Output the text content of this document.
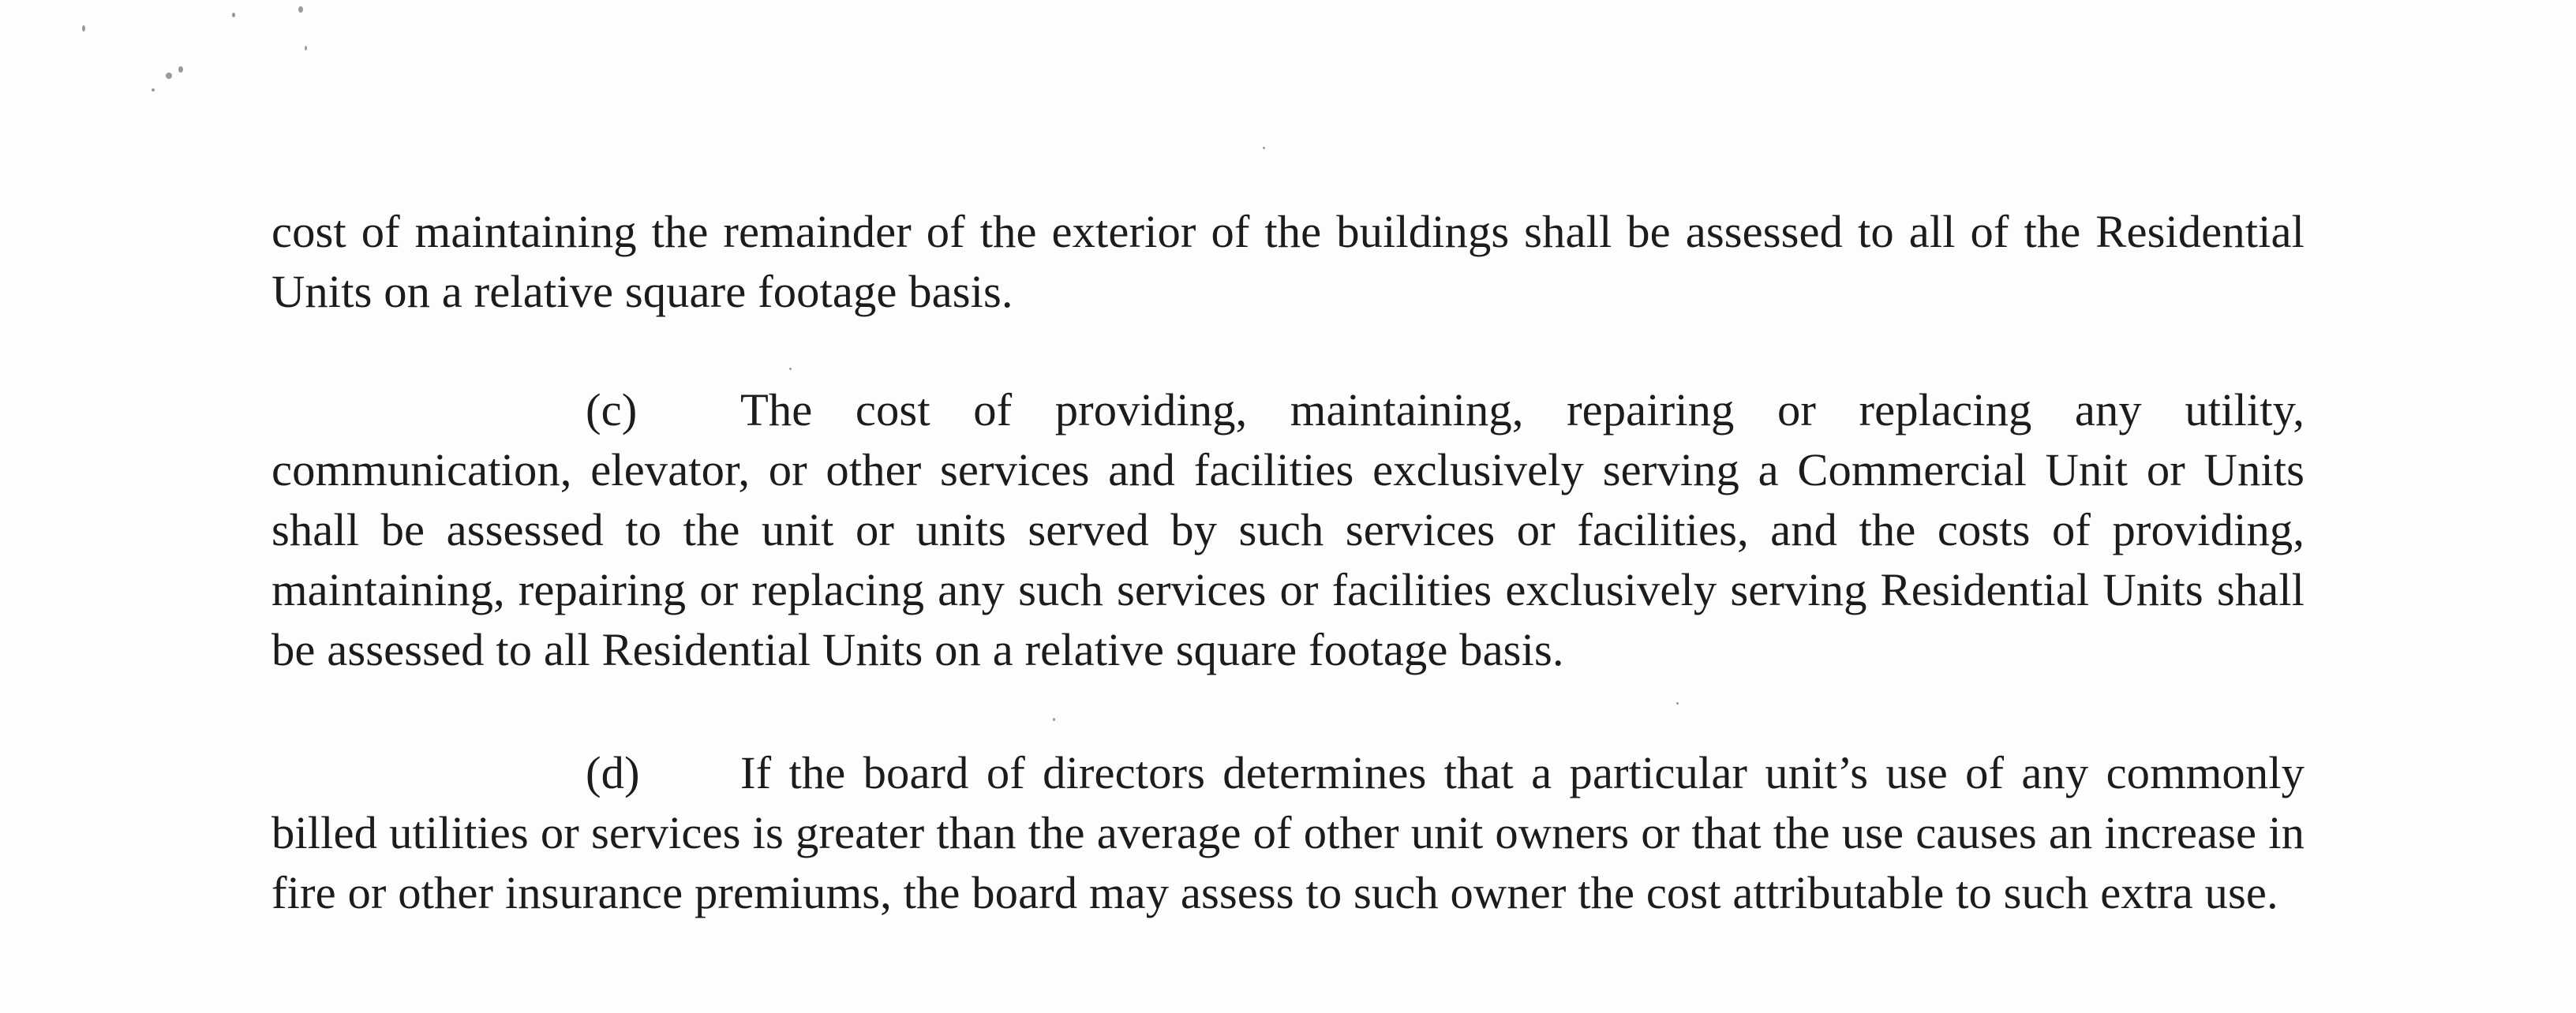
cost of maintaining the remainder of the exterior of the buildings shall be assessed to all of the Residential Units on a relative square footage basis.

(c) The cost of providing, maintaining, repairing or replacing any utility, communication, elevator, or other services and facilities exclusively serving a Commercial Unit or Units shall be assessed to the unit or units served by such services or facilities, and the costs of providing, maintaining, repairing or replacing any such services or facilities exclusively serving Residential Units shall be assessed to all Residential Units on a relative square footage basis.

(d) If the board of directors determines that a particular unit’s use of any commonly billed utilities or services is greater than the average of other unit owners or that the use causes an increase in fire or other insurance premiums, the board may assess to such owner the cost attributable to such extra use.
